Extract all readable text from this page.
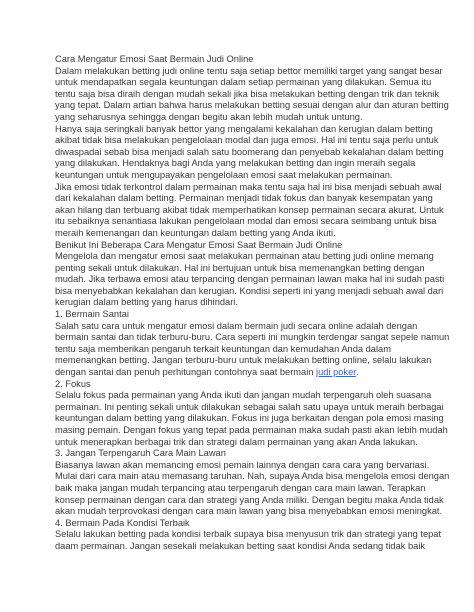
Cara Mengatur Emosi Saat Bermain Judi Online

Dalam melakukan betting judi online tentu saja setiap bettor memiliki target yang sangat besar

untuk mendapatkan segala keuntungan dalam setiap permainan yang dilakukan. Semua itu

tentu saja bisa diraih dengan mudah sekali jika bisa melakukan betting dengan trik dan teknik

yang tepat. Dalam artian bahwa harus melakukan betting sesuai dengan alur dan aturan betting

yang seharusnya sehingga dengan begitu akan lebih mudah untuk untung.

Hanya saja seringkali banyak bettor yang mengalami kekalahan dan kerugian dalam betting

akibat tidak bisa melakukan pengelolaan modal dan juga emosi. Hal ini tentu saja perlu untuk

diwaspadai sebab bisa menjadi salah satu boomerang dan penyebab kekalahan dalam betting

yang dilakukan. Hendaknya bagi Anda yang melakukan betting dan ingin meraih segala

keuntungan untuk mengupayakan pengelolaan emosi saat melakukan permainan.

Jika emosi tidak terkontrol dalam permainan maka tentu saja hal ini bisa menjadi sebuah awal

dari kekalahan dalam betting. Permainan menjadi tidak fokus dan banyak kesempatan yang

akan hilang dan terbuang akibat tidak memperhatikan konsep permainan secara akurat. Untuk

itu sebaiknya senantiasa lakukan pengelolaan modal dan emosi secara seimbang untuk bisa

meraih kemenangan dan keuntungan dalam betting yang Anda ikuti.

Benikut Ini Beberapa Cara Mengatur Emosi Saat Bermain Judi Online

Mengelola dan mengatur emosi saat melakukan permainan atau betting judi online memang

penting sekali untuk dilakukan. Hal ini bertujuan untuk bisa memenangkan betting dengan

mudah. Jika terbawa emosi atau terpancing dengan permainan lawan maka hal ini sudah pasti

bisa menyebabkan kekalahan dan kerugian. Kondisi seperti ini yang menjadi sebuah awal dari

kerugian dalam betting yang harus dihindari.

1. Bermain Santai

Salah satu cara untuk mengatur emosi dalam bermain judi secara online adalah dengan

bermain santai dan tidak terburu-buru. Cara seperti ini mungkin terdengar sangat sepele namun

tentu saja memberikan pengaruh terkait keuntungan dan kemudahan Anda dalam

memenangkan betting. Jangan terburu-buru untuk melakukan betting online, selalu lakukan

dengan santai dan penuh perhitungan contohnya saat bermain judi poker.

2. Fokus

Selalu fokus pada permainan yang Anda ikuti dan jangan mudah terpengaruh oleh suasana

permainan. Ini penting sekali untuk dilakukan sebagai salah satu upaya untuk meraih berbagai

keuntungan dalam betting yang dilakukan. Fokus ini juga berkaitan dengan pola emosi masing

masing pemain. Dengan fokus yang tepat pada permainan maka sudah pasti akan lebih mudah

untuk menerapkan berbagai trik dan strategi dalam permainan yang akan Anda lakukan.

3. Jangan Terpengaruh Cara Main Lawan

Biasanya lawan akan memancing emosi pemain lainnya dengan cara cara yang bervariasi.

Mulai dari cara main atau memasang taruhan. Nah, supaya Anda bisa mengelola emosi dengan

baik maka jangan mudah terpancing atau terpengaruh dengan cara main lawan. Terapkan

konsep permainan dengan cara dan strategi yang Anda miliki. Dengan begitu maka Anda tidak

akan mudah terprovokasi dengan cara main lawan yang bisa menyebabkan emosi meningkat.

4. Bermain Pada Kondisi Terbaik

Selalu lakukan betting pada kondisi terbaik supaya bisa menyusun trik dan strategi yang tepat

daam permainan. Jangan sesekali melakukan betting saat kondisi Anda sedang tidak baik
